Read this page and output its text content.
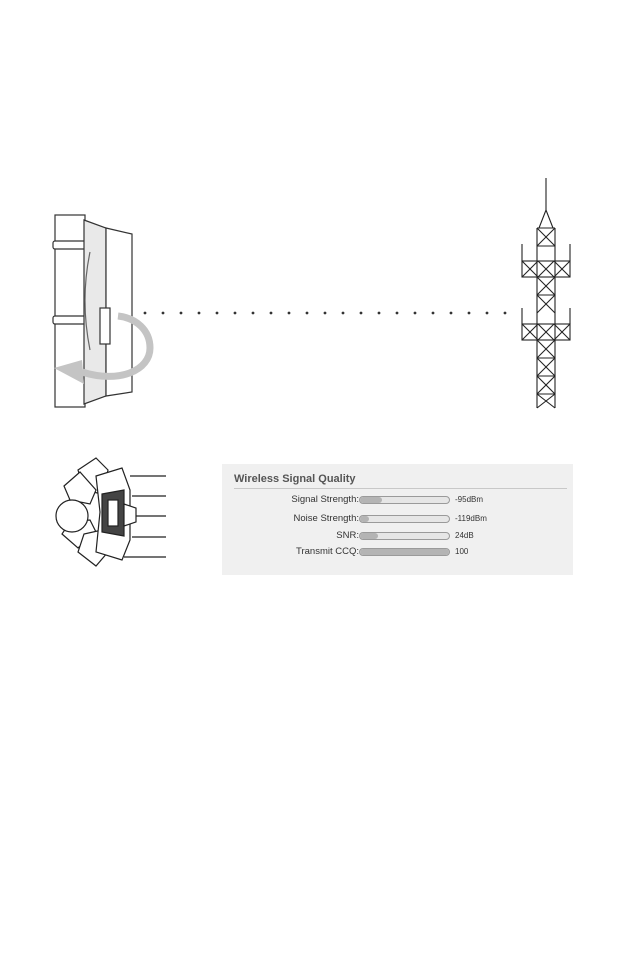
Wireless Signal Quality
Signal Strength:	-95dBm
Noise Strength:	-119dBm
SNR:	24dB
Transmit CCQ:	100
